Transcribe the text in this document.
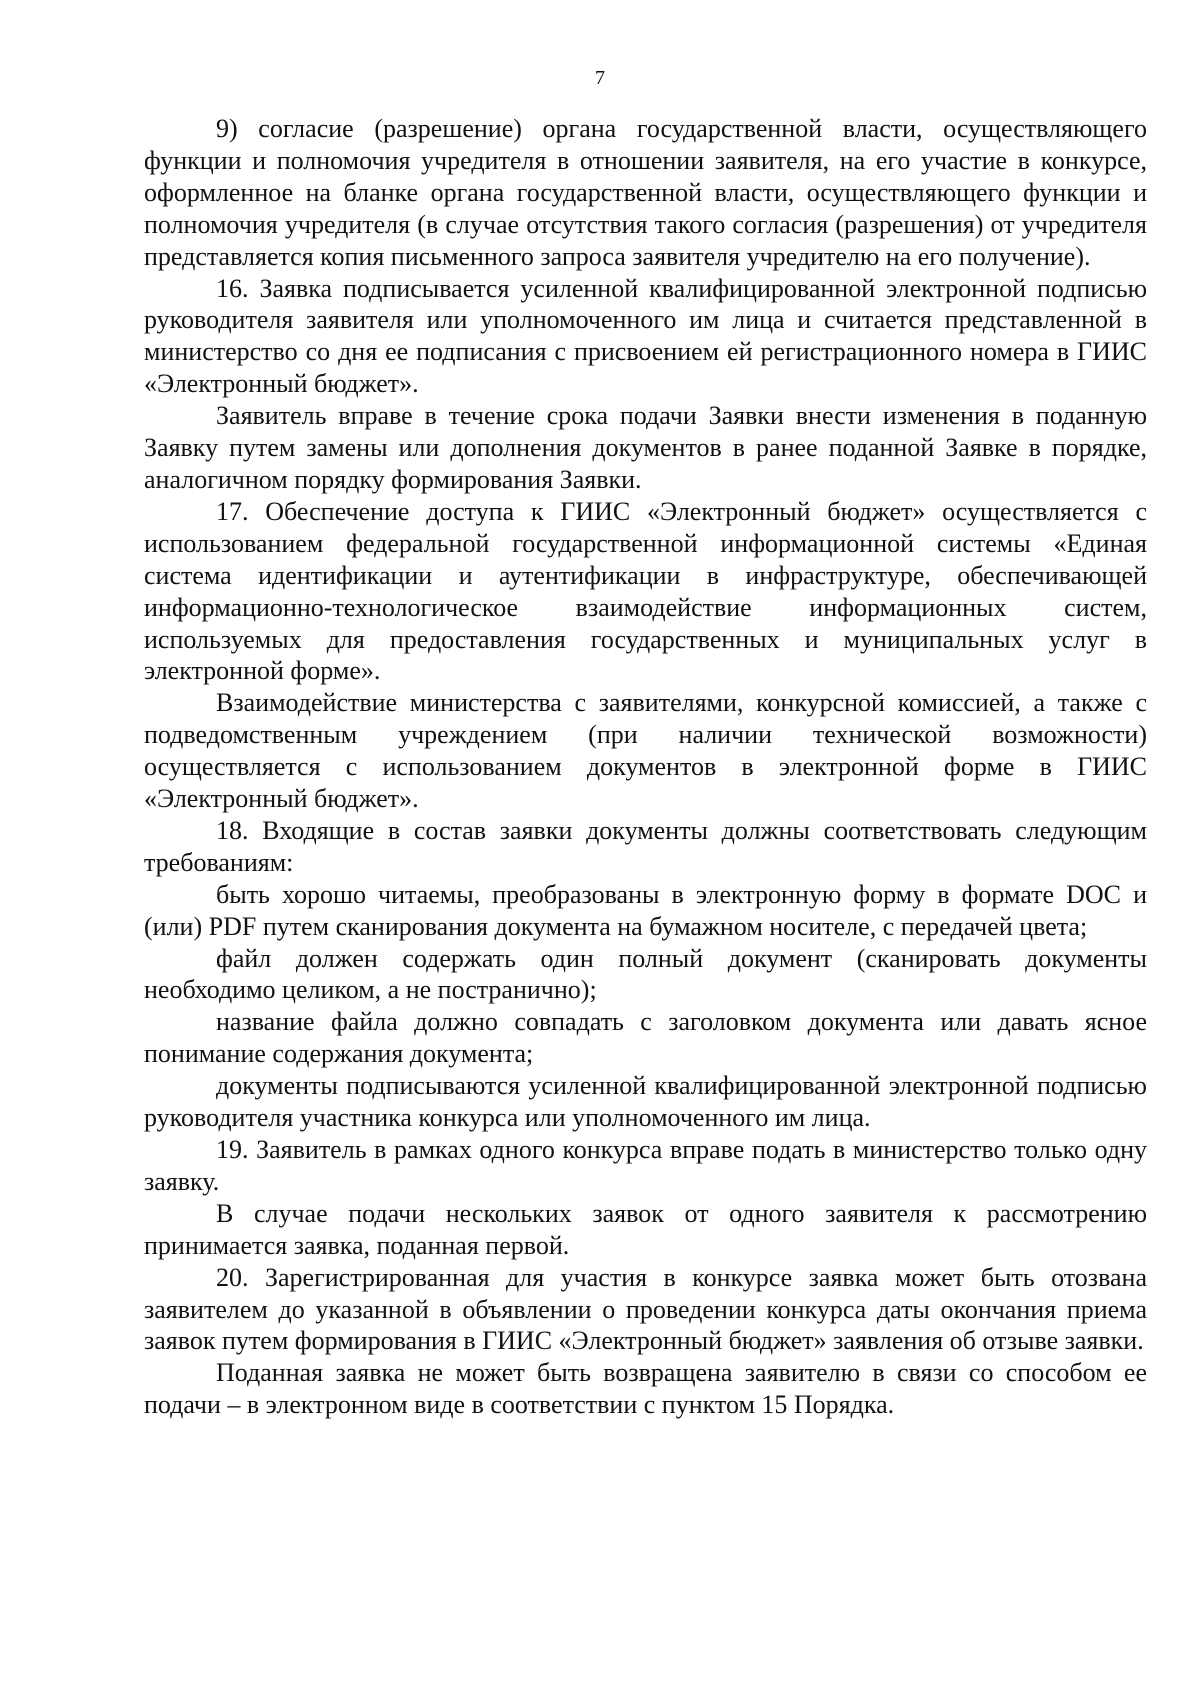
7

9) согласие (разрешение) органа государственной власти, осуществляющего функции и полномочия учредителя в отношении заявителя, на его участие в конкурсе, оформленное на бланке органа государственной власти, осуществляющего функции и полномочия учредителя (в случае отсутствия такого согласия (разрешения) от учредителя представляется копия письменного запроса заявителя учредителю на его получение).

16. Заявка подписывается усиленной квалифицированной электронной подписью руководителя заявителя или уполномоченного им лица и считается представленной в министерство со дня ее подписания с присвоением ей регистрационного номера в ГИИС «Электронный бюджет».

Заявитель вправе в течение срока подачи Заявки внести изменения в поданную Заявку путем замены или дополнения документов в ранее поданной Заявке в порядке, аналогичном порядку формирования Заявки.

17. Обеспечение доступа к ГИИС «Электронный бюджет» осуществляется с использованием федеральной государственной информационной системы «Единая система идентификации и аутентификации в инфраструктуре, обеспечивающей информационно-технологическое взаимодействие информационных систем, используемых для предоставления государственных и муниципальных услуг в электронной форме».

Взаимодействие министерства с заявителями, конкурсной комиссией, а также с подведомственным учреждением (при наличии технической возможности) осуществляется с использованием документов в электронной форме в ГИИС «Электронный бюджет».

18. Входящие в состав заявки документы должны соответствовать следующим требованиям:

быть хорошо читаемы, преобразованы в электронную форму в формате DOC и (или) PDF путем сканирования документа на бумажном носителе, с передачей цвета;

файл должен содержать один полный документ (сканировать документы необходимо целиком, а не постранично);

название файла должно совпадать с заголовком документа или давать ясное понимание содержания документа;

документы подписываются усиленной квалифицированной электронной подписью руководителя участника конкурса или уполномоченного им лица.

19. Заявитель в рамках одного конкурса вправе подать в министерство только одну заявку.

В случае подачи нескольких заявок от одного заявителя к рассмотрению принимается заявка, поданная первой.

20. Зарегистрированная для участия в конкурсе заявка может быть отозвана заявителем до указанной в объявлении о проведении конкурса даты окончания приема заявок путем формирования в ГИИС «Электронный бюджет» заявления об отзыве заявки.

Поданная заявка не может быть возвращена заявителю в связи со способом ее подачи – в электронном виде в соответствии с пунктом 15 Порядка.
